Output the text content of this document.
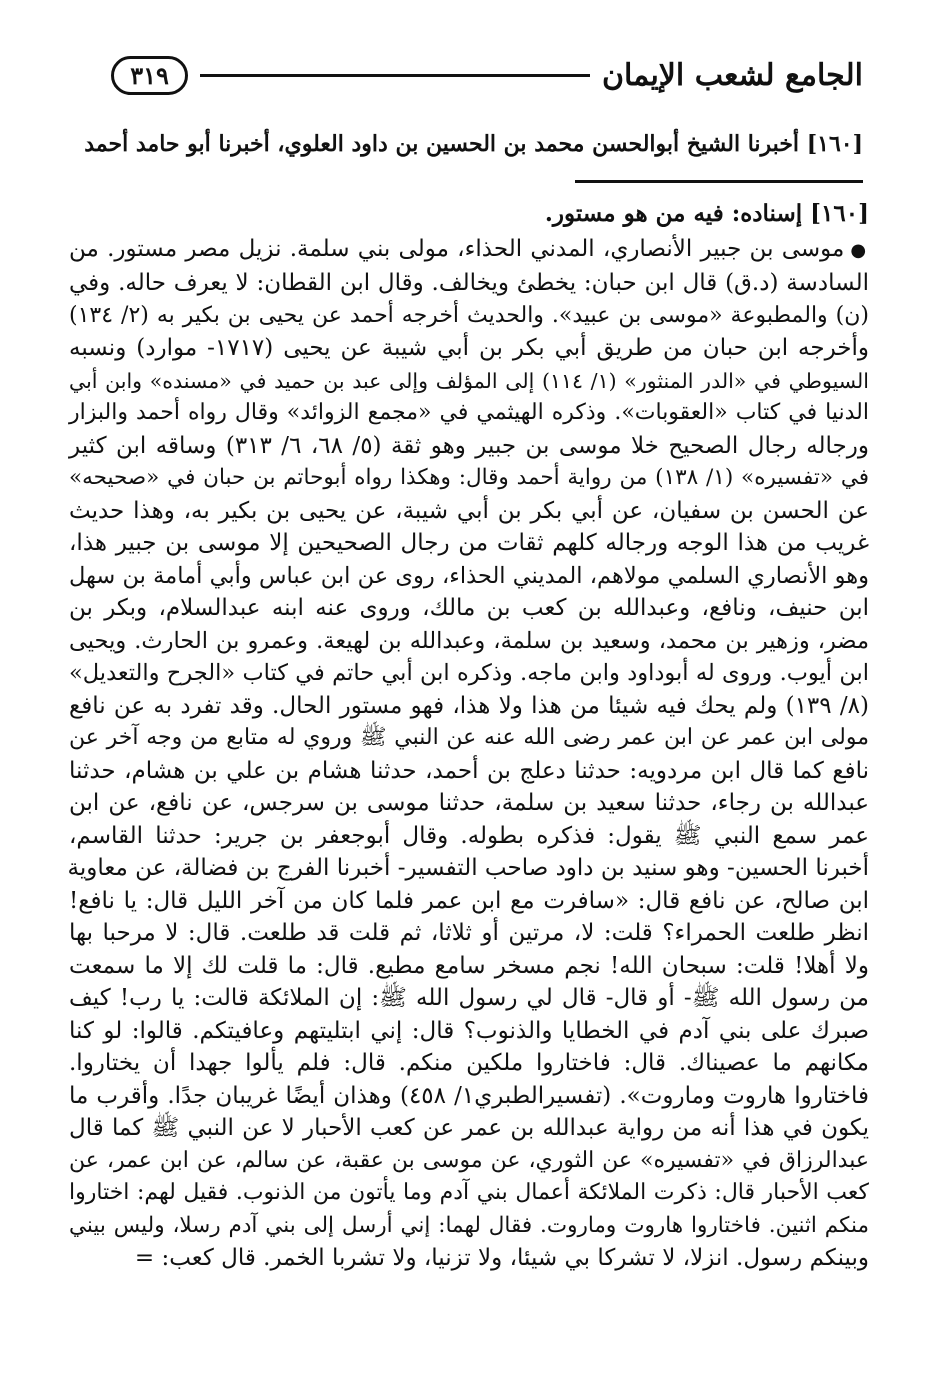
الجامع لشعب الإيمان
٣١٩
[١٦٠] أخبرنا الشيخ أبوالحسن محمد بن الحسين بن داود العلوي، أخبرنا أبو حامد أحمد
[١٦٠] إسناده: فيه من هو مستور.
●موسى بن جبير الأنصاري، المدني الحذاء، مولى بني سلمة. نزيل مصر مستور. من
السادسة (د.ق) قال ابن حبان: يخطئ ويخالف. وقال ابن القطان: لا يعرف حاله. وفي
(ن) والمطبوعة «موسى بن عبيد». والحديث أخرجه أحمد عن يحيى بن بكير به (٢/ ١٣٤)
وأخرجه ابن حبان من طريق أبي بكر بن أبي شيبة عن يحيى (١٧١٧- موارد) ونسبه
السيوطي في «الدر المنثور» (١/ ١١٤) إلى المؤلف وإلى عبد بن حميد في «مسنده» وابن أبي
الدنيا في كتاب «العقوبات». وذكره الهيثمي في «مجمع الزوائد» وقال رواه أحمد والبزار
ورجاله رجال الصحيح خلا موسى بن جبير وهو ثقة (٥/ ٦٨، ٦/ ٣١٣) وساقه ابن كثير
في «تفسيره» (١/ ١٣٨) من رواية أحمد وقال: وهكذا رواه أبوحاتم بن حبان في «صحيحه»
عن الحسن بن سفيان، عن أبي بكر بن أبي شيبة، عن يحيى بن بكير به، وهذا حديث
غريب من هذا الوجه ورجاله كلهم ثقات من رجال الصحيحين إلا موسى بن جبير هذا،
وهو الأنصاري السلمي مولاهم، المديني الحذاء، روى عن ابن عباس وأبي أمامة بن سهل
ابن حنيف، ونافع، وعبدالله بن كعب بن مالك، وروى عنه ابنه عبدالسلام، وبكر بن
مضر، وزهير بن محمد، وسعيد بن سلمة، وعبدالله بن لهيعة. وعمرو بن الحارث. ويحيى
ابن أيوب. وروى له أبوداود وابن ماجه. وذكره ابن أبي حاتم في كتاب «الجرح والتعديل»
(٨/ ١٣٩) ولم يحك فيه شيئا من هذا ولا هذا، فهو مستور الحال. وقد تفرد به عن نافع
مولى ابن عمر عن ابن عمر رضى الله عنه عن النبي ﷺ وروي له متابع من وجه آخر عن
نافع كما قال ابن مردويه: حدثنا دعلج بن أحمد، حدثنا هشام بن علي بن هشام، حدثنا
عبدالله بن رجاء، حدثنا سعيد بن سلمة، حدثنا موسى بن سرجس، عن نافع، عن ابن
عمر سمع النبي ﷺ يقول: فذكره بطوله. وقال أبوجعفر بن جرير: حدثنا القاسم،
أخبرنا الحسين- وهو سنيد بن داود صاحب التفسير- أخبرنا الفرج بن فضالة، عن معاوية
ابن صالح، عن نافع قال: «سافرت مع ابن عمر فلما كان من آخر الليل قال: يا نافع!
انظر طلعت الحمراء؟ قلت: لا، مرتين أو ثلاثا، ثم قلت قد طلعت. قال: لا مرحبا بها
ولا أهلا! قلت: سبحان الله! نجم مسخر سامع مطيع. قال: ما قلت لك إلا ما سمعت
من رسول الله ﷺ- أو قال- قال لي رسول الله ﷺ: إن الملائكة قالت: يا رب! كيف
صبرك على بني آدم في الخطايا والذنوب؟ قال: إني ابتليتهم وعافيتكم. قالوا: لو كنا
مكانهم ما عصيناك. قال: فاختاروا ملكين منكم. قال: فلم يألوا جهدا أن يختاروا.
فاختاروا هاروت وماروت». (تفسيرالطبري١/ ٤٥٨) وهذان أيضًا غريبان جدًا. وأقرب ما
يكون في هذا أنه من رواية عبدالله بن عمر عن كعب الأحبار لا عن النبي ﷺ كما قال
عبدالرزاق في «تفسيره» عن الثوري، عن موسى بن عقبة، عن سالم، عن ابن عمر، عن
كعب الأحبار قال: ذكرت الملائكة أعمال بني آدم وما يأتون من الذنوب. فقيل لهم: اختاروا
منكم اثنين. فاختاروا هاروت وماروت. فقال لهما: إني أرسل إلى بني آدم رسلا، وليس بيني
وبينكم رسول. انزلا، لا تشركا بي شيئا، ولا تزنيا، ولا تشربا الخمر. قال كعب: =
